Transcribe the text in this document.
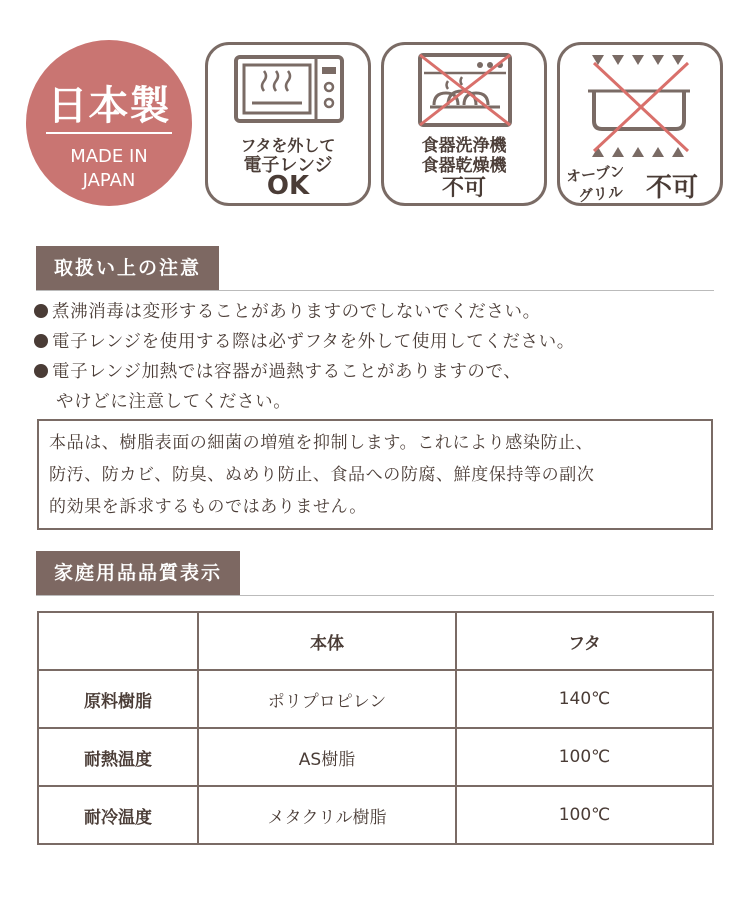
日本製
MADE IN
JAPAN
フタを外して
電子レンジ
OK
食器洗浄機
食器乾燥機
不可
オーブン
グリル 不可
取扱い上の注意
煮沸消毒は変形することがありますのでしないでください。
電子レンジを使用する際は必ずフタを外して使用してください。
電子レンジ加熱では容器が過熱することがありますので、
やけどに注意してください。
本品は、樹脂表面の細菌の増殖を抑制します。これにより感染防止、
防汚、防カビ、防臭、ぬめり防止、食品への防腐、鮮度保持等の副次
的効果を訴求するものではありません。
家庭用品品質表示
	本体	フタ
原料樹脂	ポリプロピレン	140℃
耐熱温度	AS樹脂	100℃
耐冷温度	メタクリル樹脂	100℃
